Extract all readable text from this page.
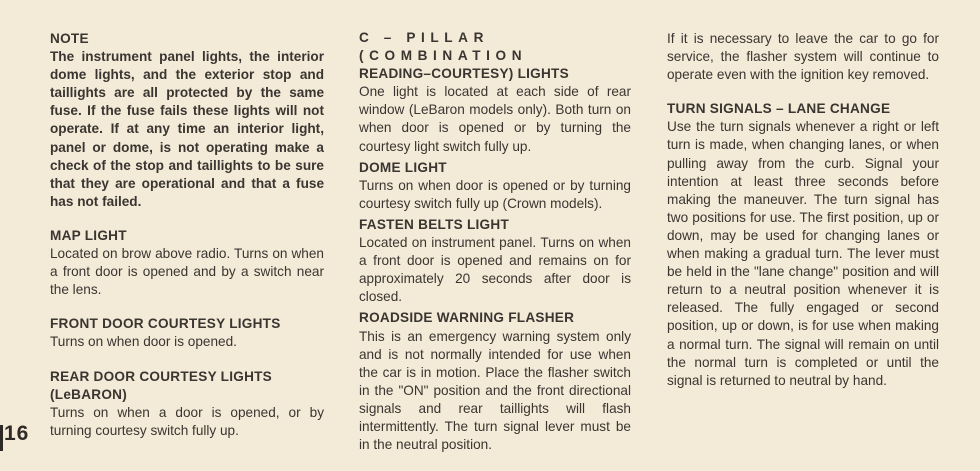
16
NOTE
The instrument panel lights, the interior dome lights, and the exterior stop and taillights are all protected by the same fuse. If the fuse fails these lights will not operate. If at any time an interior light, panel or dome, is not operating make a check of the stop and taillights to be sure that they are operational and that a fuse has not failed.
MAP LIGHT
Located on brow above radio. Turns on when a front door is opened and by a switch near the lens.
FRONT DOOR COURTESY LIGHTS
Turns on when door is opened.
REAR DOOR COURTESY LIGHTS
(LeBARON)
Turns on when a door is opened, or by turning courtesy switch fully up.
C – PILLAR (COMBINATION
READING–COURTESY) LIGHTS
One light is located at each side of rear window (LeBaron models only). Both turn on when door is opened or by turning the courtesy light switch fully up.
DOME LIGHT
Turns on when door is opened or by turning courtesy switch fully up (Crown models).
FASTEN BELTS LIGHT
Located on instrument panel. Turns on when a front door is opened and remains on for approximately 20 seconds after door is closed.
ROADSIDE WARNING FLASHER
This is an emergency warning system only and is not normally intended for use when the car is in motion. Place the flasher switch in the "ON" position and the front directional signals and rear taillights will flash intermittently. The turn signal lever must be in the neutral position.
If it is necessary to leave the car to go for service, the flasher system will continue to operate even with the ignition key removed.
TURN SIGNALS – LANE CHANGE
Use the turn signals whenever a right or left turn is made, when changing lanes, or when pulling away from the curb. Signal your intention at least three seconds before making the maneuver. The turn signal has two positions for use. The first position, up or down, may be used for changing lanes or when making a gradual turn. The lever must be held in the "lane change" position and will return to a neutral position whenever it is released. The fully engaged or second position, up or down, is for use when making a normal turn. The signal will remain on until the normal turn is completed or until the signal is returned to neutral by hand.
